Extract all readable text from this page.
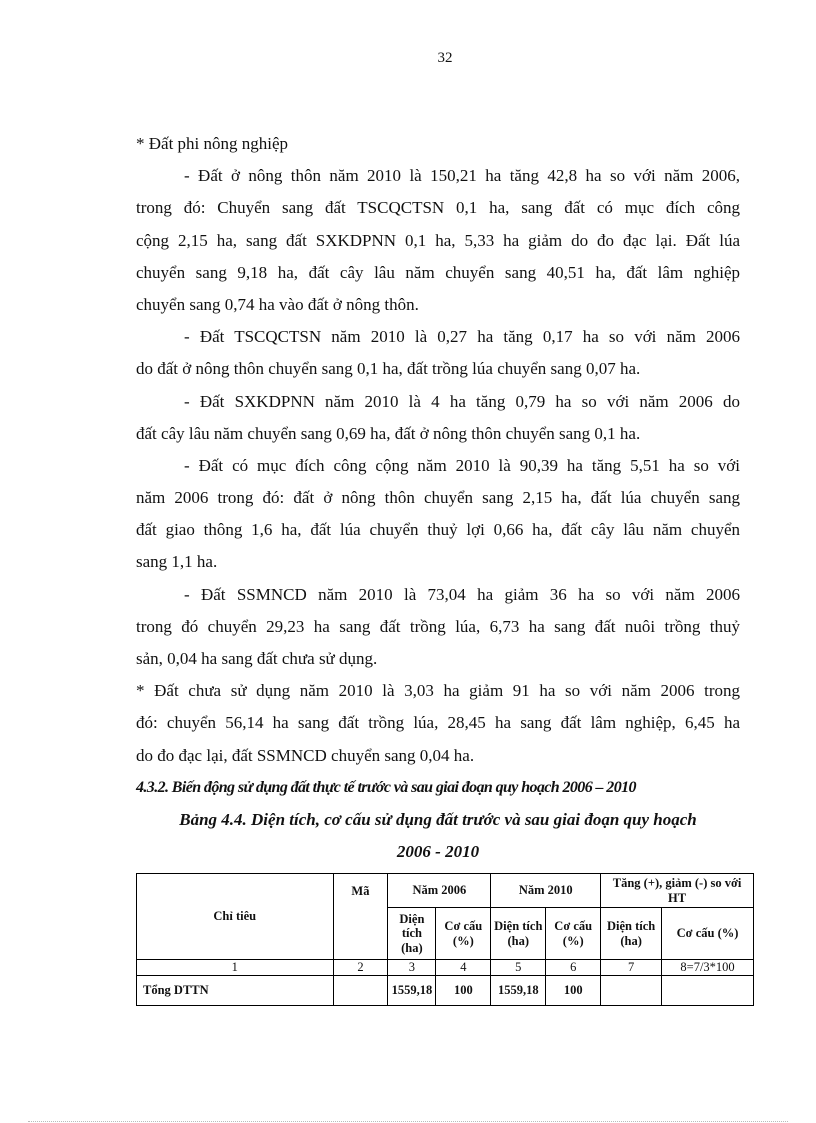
32
* Đất phi nông nghiệp
- Đất ở nông thôn năm 2010 là 150,21 ha tăng 42,8 ha so với năm 2006,
trong đó: Chuyển sang đất TSCQCTSN 0,1 ha, sang đất có mục đích công
cộng 2,15 ha, sang đất SXKDPNN 0,1 ha, 5,33 ha giảm do đo đạc lại. Đất lúa
chuyển sang 9,18 ha, đất cây lâu năm chuyển sang 40,51 ha, đất lâm nghiệp
chuyển sang 0,74 ha vào đất ở nông thôn.
- Đất TSCQCTSN năm 2010 là 0,27 ha tăng 0,17 ha so với năm 2006
do đất ở nông thôn chuyển sang 0,1 ha, đất trồng lúa chuyển sang 0,07 ha.
- Đất SXKDPNN năm 2010 là 4 ha tăng 0,79 ha so với năm 2006 do
đất cây lâu năm chuyển sang 0,69 ha, đất ở nông thôn chuyển sang 0,1 ha.
- Đất có mục đích công cộng năm 2010 là 90,39 ha tăng 5,51 ha so với
năm 2006 trong đó: đất ở nông thôn chuyển sang 2,15 ha, đất lúa chuyển sang
đất giao thông 1,6 ha, đất lúa chuyển thuỷ lợi 0,66 ha, đất cây lâu năm chuyển
sang 1,1 ha.
- Đất SSMNCD năm 2010 là 73,04 ha giảm 36 ha so với năm 2006
trong đó chuyển 29,23 ha sang đất trồng lúa, 6,73 ha sang đất nuôi trồng thuỷ
sản, 0,04 ha sang đất chưa sử dụng.
* Đất chưa sử dụng năm 2010 là 3,03 ha giảm 91 ha so với năm 2006 trong
đó: chuyển 56,14 ha sang đất trồng lúa, 28,45 ha sang đất lâm nghiệp, 6,45 ha
do đo đạc lại, đất SSMNCD chuyển sang 0,04 ha.
4.3.2. Biến động sử dụng đất thực tế trước và sau giai đoạn quy hoạch 2006 – 2010
Bảng 4.4. Diện tích, cơ cấu sử dụng đất trước và sau giai đoạn quy hoạch
2006 - 2010
Chỉ tiêu	Mã	Năm 2006		Năm 2010		Tăng (+), giảm (-) so với HT	
		Diện tích (ha)	Cơ cấu (%)	Diện tích (ha)	Cơ cấu (%)	Diện tích (ha)	Cơ cấu (%)
1	2	3	4	5	6	7	8=7/3*100
Tổng DTTN		1559,18	100	1559,18	100		
